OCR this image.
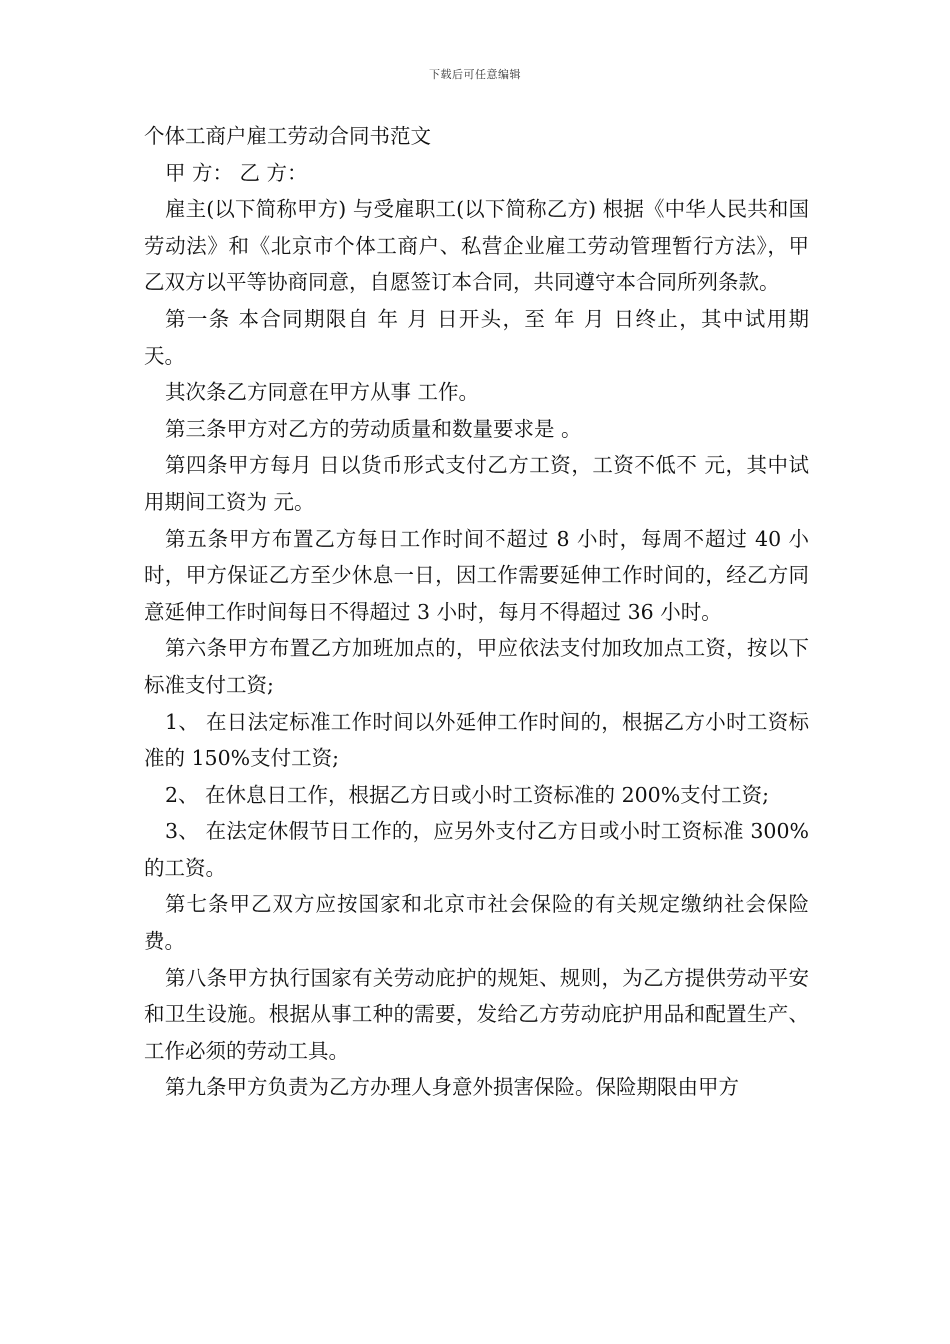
下载后可任意编辑

个体工商户雇工劳动合同书范文

甲 方： 乙 方：

雇主(以下简称甲方) 与受雇职工(以下简称乙方) 根据《中华人民共和国劳动法》和《北京市个体工商户、私营企业雇工劳动管理暂行方法》，甲乙双方以平等协商同意，自愿签订本合同，共同遵守本合同所列条款。

第一条 本合同期限自 年 月 日开头，至 年 月 日终止，其中试用期 天。

其次条乙方同意在甲方从事 工作。

第三条甲方对乙方的劳动质量和数量要求是 。

第四条甲方每月 日以货币形式支付乙方工资，工资不低不 元，其中试用期间工资为 元。

第五条甲方布置乙方每日工作时间不超过 8 小时，每周不超过 40 小时，甲方保证乙方至少休息一日，因工作需要延伸工作时间的，经乙方同意延伸工作时间每日不得超过 3 小时，每月不得超过 36 小时。

第六条甲方布置乙方加班加点的，甲应依法支付加玫加点工资，按以下标准支付工资;

1、 在日法定标准工作时间以外延伸工作时间的，根据乙方小时工资标准的 150%支付工资;

2、 在休息日工作，根据乙方日或小时工资标准的 200%支付工资;

3、 在法定休假节日工作的，应另外支付乙方日或小时工资标准 300%的工资。

第七条甲乙双方应按国家和北京市社会保险的有关规定缴纳社会保险费。

第八条甲方执行国家有关劳动庇护的规矩、规则，为乙方提供劳动平安和卫生设施。根据从事工种的需要，发给乙方劳动庇护用品和配置生产、工作必须的劳动工具。

第九条甲方负责为乙方办理人身意外损害保险。保险期限由甲方
